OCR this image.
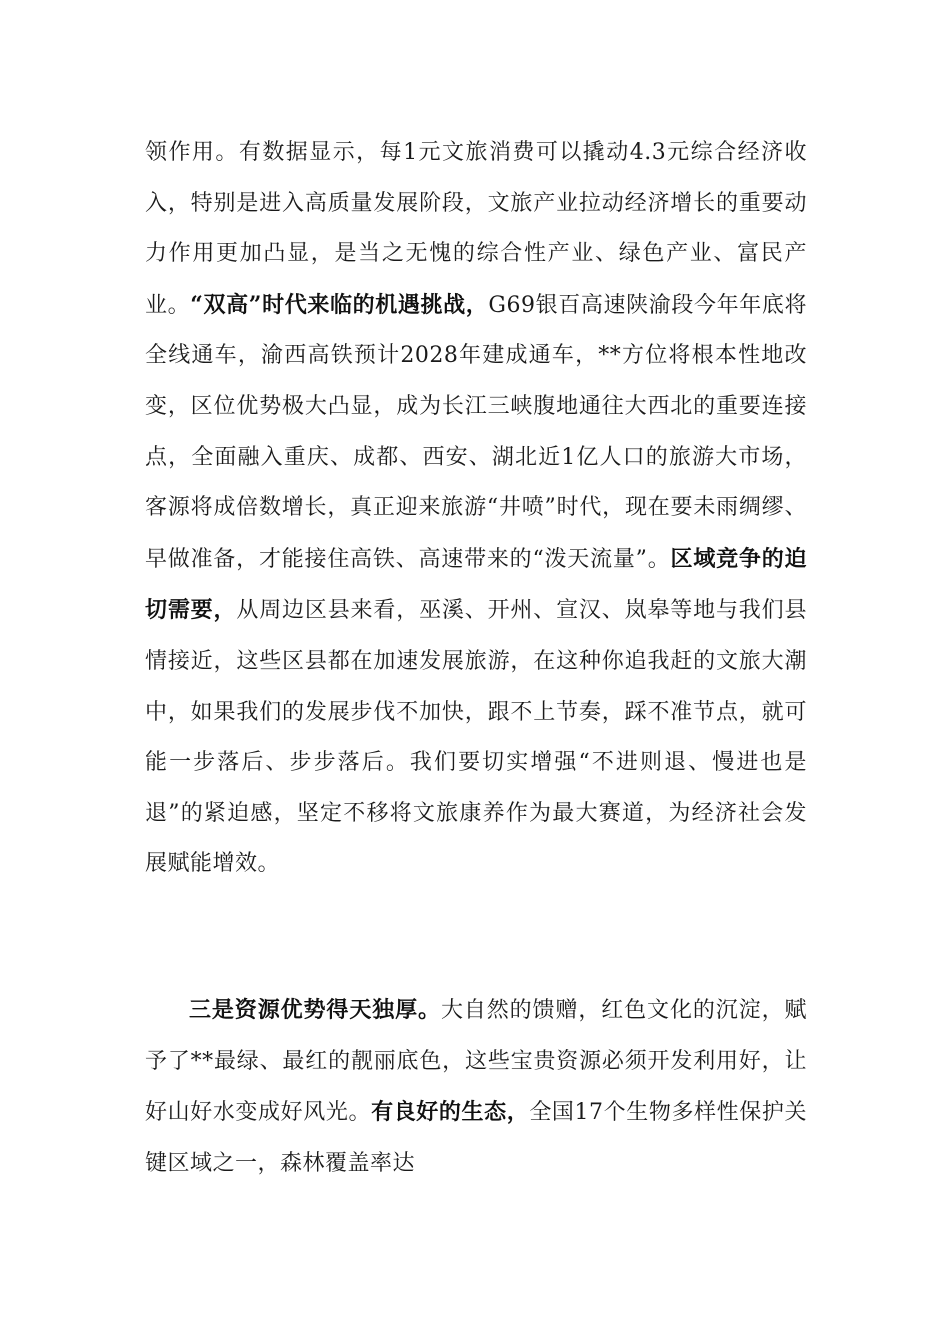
领作用。有数据显示，每1元文旅消费可以撬动4.3元综合经济收入，特别是进入高质量发展阶段，文旅产业拉动经济增长的重要动力作用更加凸显，是当之无愧的综合性产业、绿色产业、富民产业。“双高”时代来临的机遇挑战，G69银百高速陕渝段今年年底将全线通车，渝西高铁预计2028年建成通车，**方位将根本性地改变，区位优势极大凸显，成为长江三峡腹地通往大西北的重要连接点，全面融入重庆、成都、西安、湖北近1亿人口的旅游大市场，客源将成倍数增长，真正迎来旅游“井喷”时代，现在要未雨绸缪、早做准备，才能接住高铁、高速带来的“泼天流量”。区域竞争的迫切需要，从周边区县来看，巫溪、开州、宣汉、岚皋等地与我们县情接近，这些区县都在加速发展旅游，在这种你追我赶的文旅大潮中，如果我们的发展步伐不加快，跟不上节奏，踩不准节点，就可能一步落后、步步落后。我们要切实增强“不进则退、慢进也是退”的紧迫感，坚定不移将文旅康养作为最大赛道，为经济社会发展赋能增效。

三是资源优势得天独厚。大自然的馈赠，红色文化的沉淀，赋予了**最绿、最红的靓丽底色，这些宝贵资源必须开发利用好，让好山好水变成好风光。有良好的生态，全国17个生物多样性保护关键区域之一，森林覆盖率达
